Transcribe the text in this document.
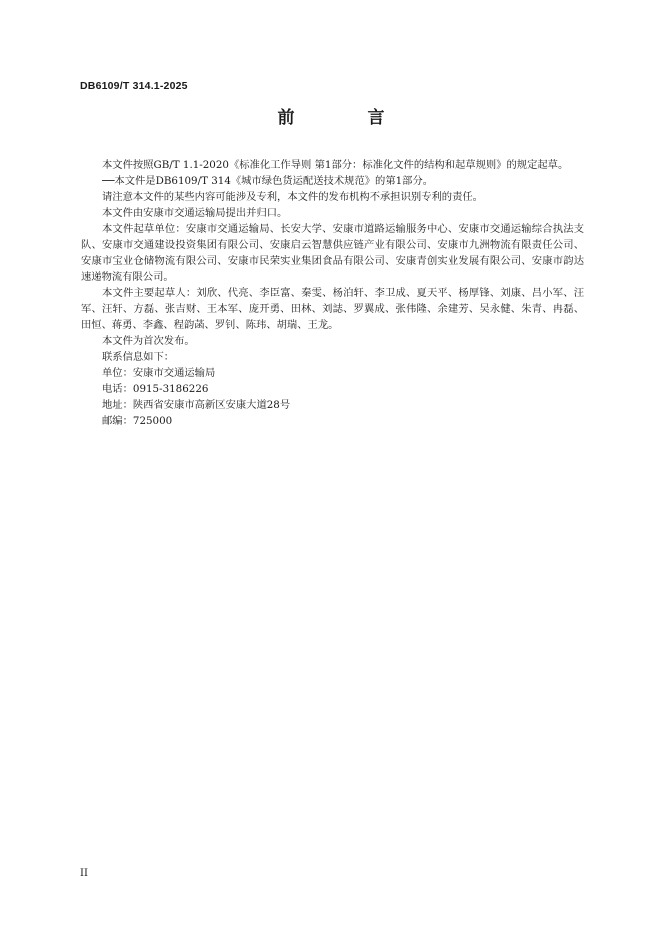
DB6109/T 314.1-2025
前　言

本文件按照GB/T 1.1-2020《标准化工作导则 第1部分：标准化文件的结构和起草规则》的规定起草。

──本文件是DB6109/T 314《城市绿色货运配送技术规范》的第1部分。

请注意本文件的某些内容可能涉及专利，本文件的发布机构不承担识别专利的责任。

本文件由安康市交通运输局提出并归口。

本文件起草单位：安康市交通运输局、长安大学、安康市道路运输服务中心、安康市交通运输综合执法支队、安康市交通建设投资集团有限公司、安康启云智慧供应链产业有限公司、安康市九洲物流有限责任公司、安康市宝业仓储物流有限公司、安康市民荣实业集团食品有限公司、安康青创实业发展有限公司、安康市韵达速递物流有限公司。

本文件主要起草人：刘欣、代亮、李臣富、秦雯、杨泊轩、李卫成、夏天平、杨厚锋、刘康、吕小军、汪军、汪轩、方磊、张吉财、王本军、庞开勇、田林、刘誌、罗翼成、张伟隆、余建芳、吴永健、朱青、冉磊、田恒、蒋勇、李鑫、程韵菡、罗钊、陈玮、胡瑞、王龙。

本文件为首次发布。

联系信息如下：

单位：安康市交通运输局

电话：0915-3186226

地址：陕西省安康市高新区安康大道28号

邮编：725000

II
